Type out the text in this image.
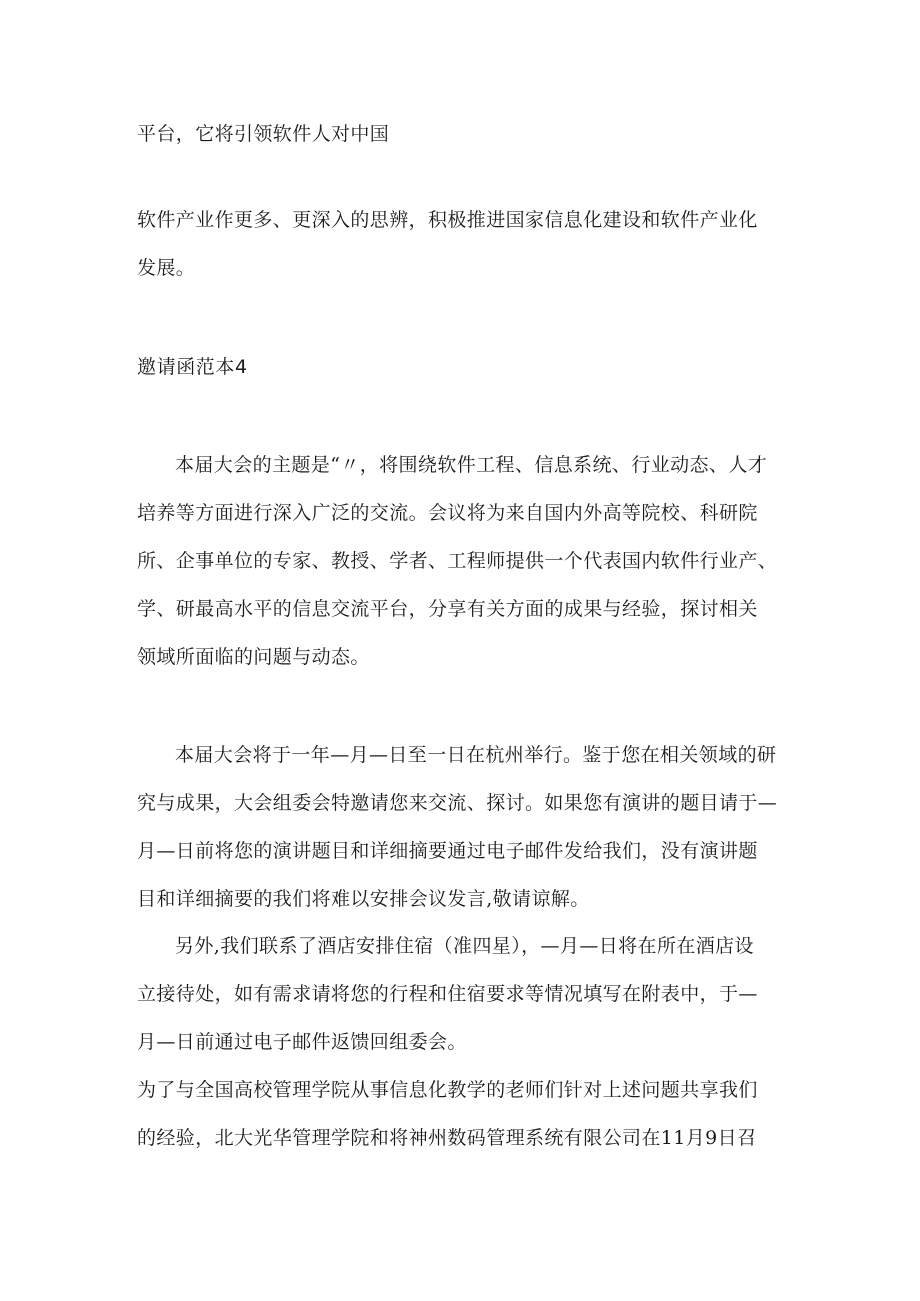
平台，它将引领软件人对中国
软件产业作更多、更深入的思辨，积极推进国家信息化建设和软件产业化
发展。
邀请函范本4
本届大会的主题是“〃，将围绕软件工程、信息系统、行业动态、人才
培养等方面进行深入广泛的交流。会议将为来自国内外高等院校、科研院
所、企事单位的专家、教授、学者、工程师提供一个代表国内软件行业产、
学、研最高水平的信息交流平台，分享有关方面的成果与经验，探讨相关
领域所面临的问题与动态。
本届大会将于一年—月—日至一日在杭州举行。鉴于您在相关领域的研
究与成果，大会组委会特邀请您来交流、探讨。如果您有演讲的题目请于—
月—日前将您的演讲题目和详细摘要通过电子邮件发给我们，没有演讲题
目和详细摘要的我们将难以安排会议发言,敬请谅解。
另外,我们联系了酒店安排住宿（准四星），—月—日将在所在酒店设
立接待处，如有需求请将您的行程和住宿要求等情况填写在附表中，于—
月—日前通过电子邮件返馈回组委会。
为了与全国高校管理学院从事信息化教学的老师们针对上述问题共享我们
的经验，北大光华管理学院和将神州数码管理系统有限公司在11月9日召
